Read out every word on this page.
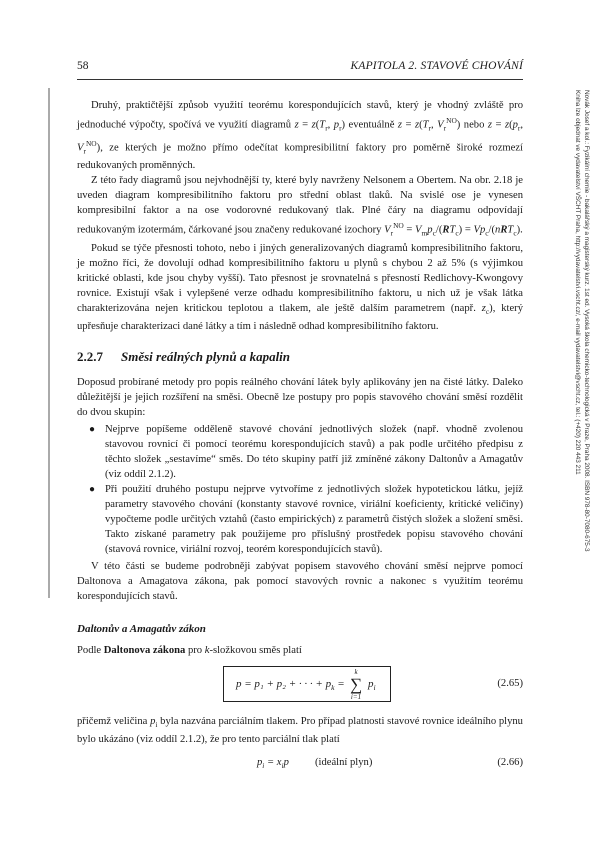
58	KAPITOLA 2. STAVOVÉ CHOVÁNÍ
Novák Josef a kol.: Fyzikální chemie - bakalářský a magisterský kurz. 1st ed. Vysoká škola chemicko-technologická v Praze, Praha 2008. ISBN 978-80-7080-675-3
Kniha lze objednat ve vydavatelství VŠCHT Praha, http://vydavatelstvi.vscht.cz/, e-mail vydavatelstvi@vscht.cz, tel.: (+420) 220 443 211

Druhý, praktičtější způsob využití teorému korespondujících stavů, který je vhodný zvláště pro jednoduché výpočty, spočívá ve využití diagramů $z = z(T_r$, $p_r$) eventuálně $z = z(T_r$, $V_r^{NO}$) nebo $z = z(p_r$, $V_r^{NO}$), ze kterých je možno přímo odečítat kompresibilitní faktory pro poměrně široké rozmezí redukovaných proměnných.

Z této řady diagramů jsou nejvhodnější ty, které byly navrženy Nelsonem a Obertem. Na obr. 2.18 je uveden diagram kompresibilitního faktoru pro střední oblast tlaků. Na svislé ose je vynesen kompresibilní faktor a na ose vodorovné redukovaný tlak. Plné čáry na diagramu odpovídají redukovaným izotermám, čárkované jsou značeny redukované izochory $V_r^{NO} = V_mp_c/(RT_c) = Vp_c/(nRT_c)$.

Pokud se týče přesnosti tohoto, nebo i jiných generalizovaných diagramů kompresibilitního faktoru, je možno říci, že dovolují odhad kompresibilitního faktoru u plynů s chybou 2 až 5% (s výjimkou kritické oblasti, kde jsou chyby vyšší). Tato přesnost je srovnatelná s přesností Redlichovy-Kwongovy rovnice. Existují však i vylepšené verze odhadu kompresibilitního faktoru, u nich už je však látka charakterizována nejen kritickou teplotou a tlakem, ale ještě dalším parametrem (např. $z_c$), který upřesňuje charakterizaci dané látky a tím i následně odhad kompresibilitního faktoru.

2.2.7 Směsi reálných plynů a kapalin

Doposud probírané metody pro popis reálného chování látek byly aplikovány jen na čisté látky. Daleko důležitější je jejich rozšíření na směsi. Obecně lze postupy pro popis stavového chování směsí rozdělit do dvou skupin:

● Nejprve popíšeme odděleně stavové chování jednotlivých složek (např. vhodně zvolenou stavovou rovnicí či pomocí teorému korespondujících stavů) a pak podle určitého předpisu z těchto složek „sestavíme“ směs. Do této skupiny patří již zmíněné zákony Daltonův a Amagatův (viz oddíl 2.1.2).
● Při použití druhého postupu nejprve vytvoříme z jednotlivých složek hypotetickou látku, jejíž parametry stavového chování (konstanty stavové rovnice, viriální koeficienty, kritické veličiny) vypočteme podle určitých vztahů (často empirických) z parametrů čistých složek a složení směsi. Takto získané parametry pak použijeme pro příslušný prostředek popisu stavového chování (stavová rovnice, viriální rozvoj, teorém korespondujících stavů).

V této části se budeme podrobněji zabývat popisem stavového chování směsí nejprve pomocí Daltonova a Amagatova zákona, pak pomocí stavových rovnic a nakonec s využitím teorému korespondujících stavů.

Daltonův a Amagatův zákon

Podle Daltonova zákona pro k-složkovou směs platí

p = p₁ + p₂ + · · · + $p_k$ =
k
∑
i=1
$p_i$	(2.65)

přičemž veličina $p_i$ byla nazvána parciálním tlakem. Pro případ platnosti stavové rovnice ideálního plynu bylo ukázáno (viz oddíl 2.1.2), že pro tento parciální tlak platí

$p_i = x_ip$ (ideální plyn)	(2.66)
